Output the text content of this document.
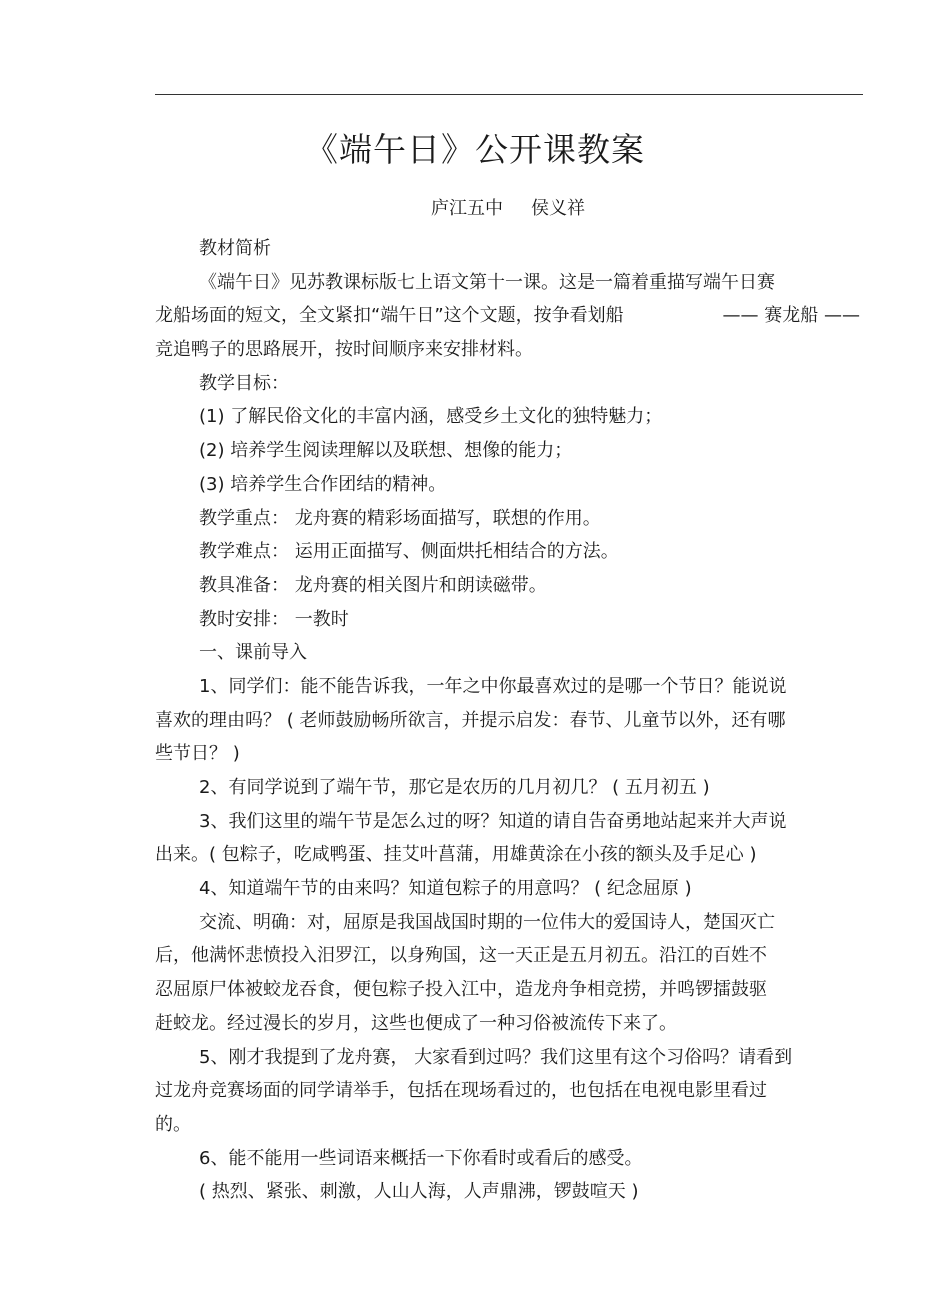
《端午日》公开课教案
庐江五中 侯义祥
教材简析
《端午日》见苏教课标版七上语文第十一课。这是一篇着重描写端午日赛
龙船场面的短文，全文紧扣“端午日”这个文题，按争看划船	—— 赛龙船 ——
竞追鸭子的思路展开，按时间顺序来安排材料。
教学目标：
(1) 了解民俗文化的丰富内涵，感受乡土文化的独特魅力；
(2) 培养学生阅读理解以及联想、想像的能力；
(3) 培养学生合作团结的精神。
教学重点： 龙舟赛的精彩场面描写，联想的作用。
教学难点： 运用正面描写、侧面烘托相结合的方法。
教具准备： 龙舟赛的相关图片和朗读磁带。
教时安排： 一教时
一、课前导入
1、同学们：能不能告诉我，一年之中你最喜欢过的是哪一个节日？能说说
喜欢的理由吗？ ( 老师鼓励畅所欲言，并提示启发：春节、儿童节以外，还有哪
些节日？ )
2、有同学说到了端午节，那它是农历的几月初几？ ( 五月初五 )
3、我们这里的端午节是怎么过的呀？知道的请自告奋勇地站起来并大声说
出来。( 包粽子，吃咸鸭蛋、挂艾叶菖蒲，用雄黄涂在小孩的额头及手足心 )
4、知道端午节的由来吗？知道包粽子的用意吗？ ( 纪念屈原 )
交流、明确：对，屈原是我国战国时期的一位伟大的爱国诗人，楚国灭亡
后，他满怀悲愤投入汨罗江，以身殉国，这一天正是五月初五。沿江的百姓不
忍屈原尸体被蛟龙吞食，便包粽子投入江中，造龙舟争相竞捞，并鸣锣擂鼓驱
赶蛟龙。经过漫长的岁月，这些也便成了一种习俗被流传下来了。
5、刚才我提到了龙舟赛， 大家看到过吗？我们这里有这个习俗吗？请看到
过龙舟竞赛场面的同学请举手，包括在现场看过的，也包括在电视电影里看过
的。
6、能不能用一些词语来概括一下你看时或看后的感受。
( 热烈、紧张、刺激，人山人海，人声鼎沸，锣鼓喧天 )
